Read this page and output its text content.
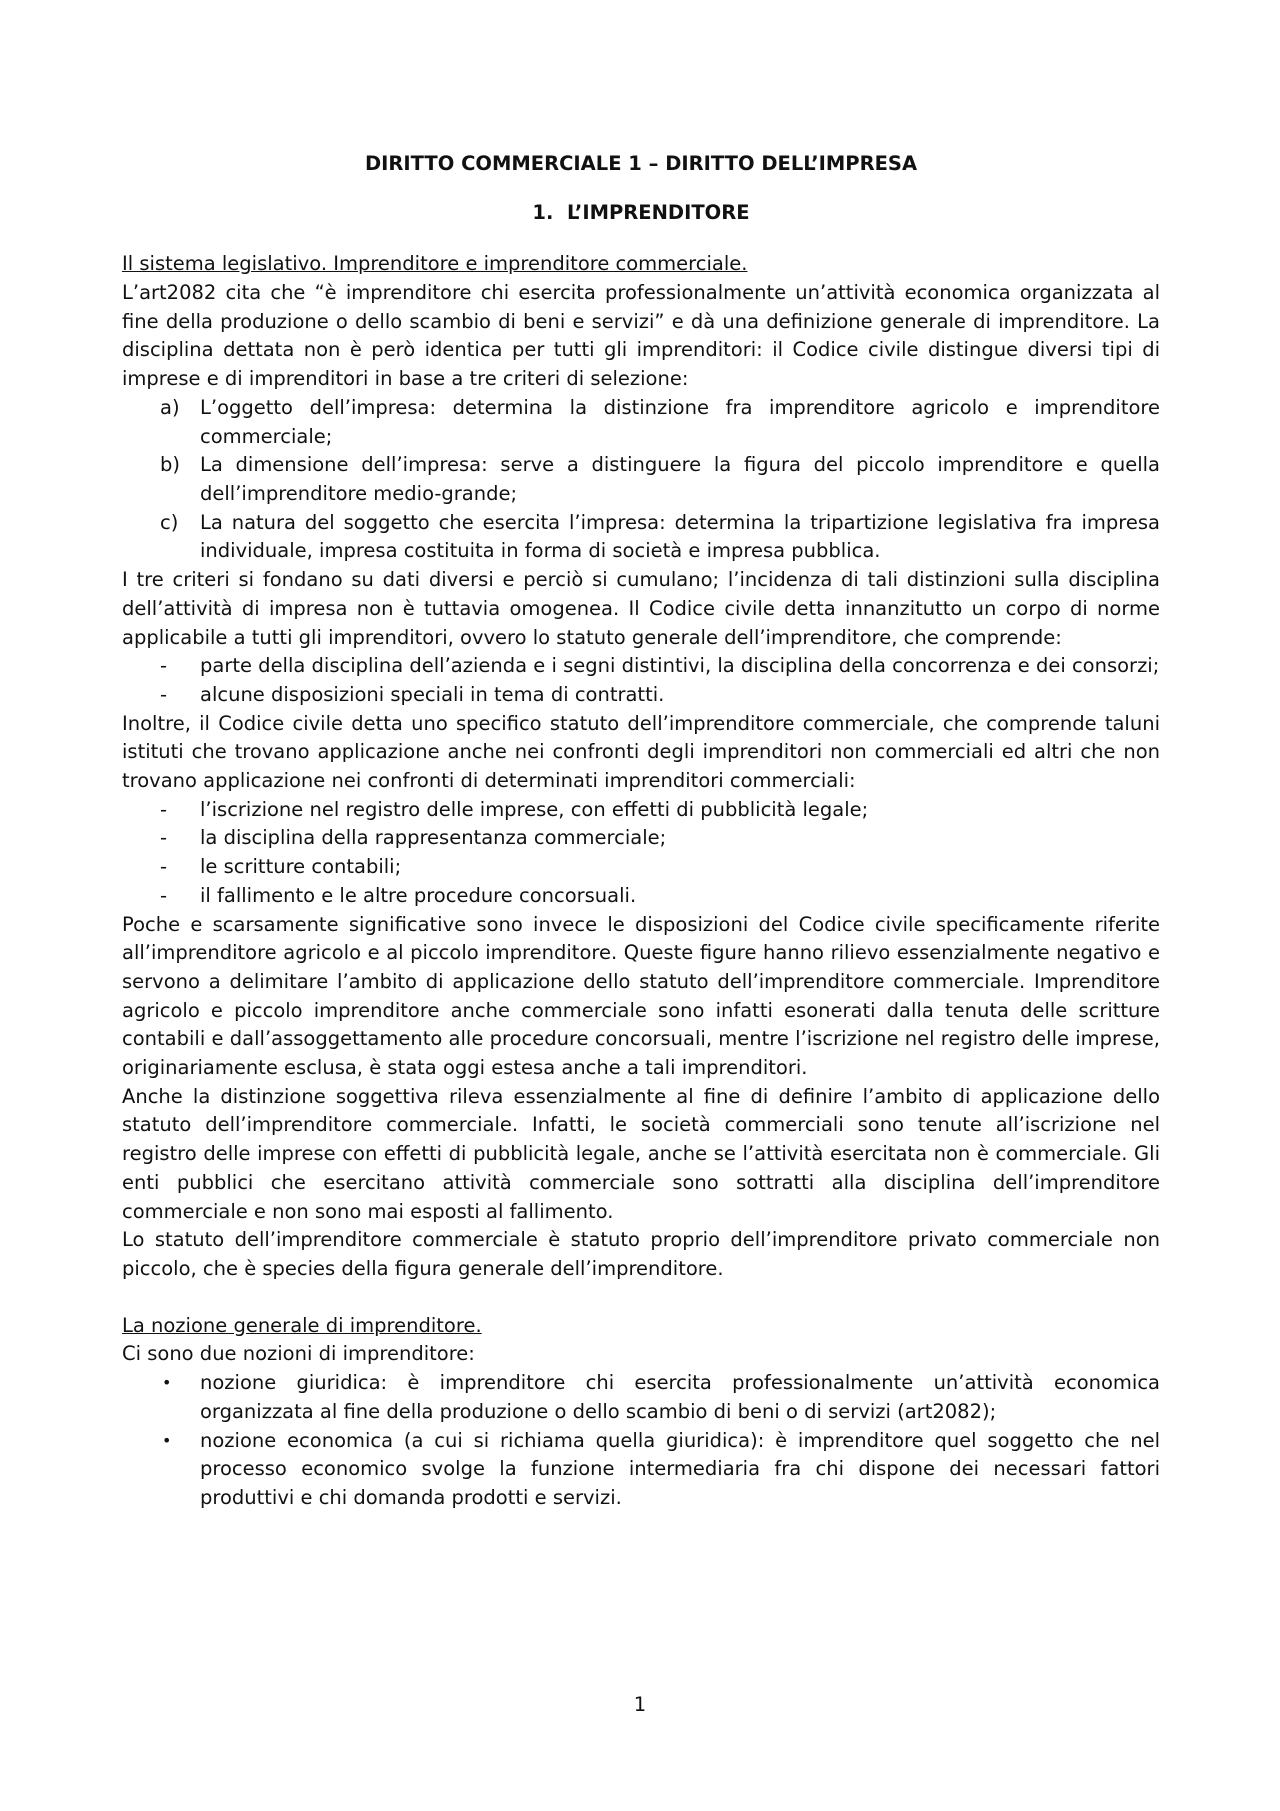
DIRITTO COMMERCIALE 1 – DIRITTO DELL’IMPRESA
1. L’IMPRENDITORE
Il sistema legislativo. Imprenditore e imprenditore commerciale.

L’art2082 cita che “è imprenditore chi esercita professionalmente un’attività economica organizzata al fine della produzione o dello scambio di beni e servizi” e dà una definizione generale di imprenditore. La disciplina dettata non è però identica per tutti gli imprenditori: il Codice civile distingue diversi tipi di imprese e di imprenditori in base a tre criteri di selezione:

a) L’oggetto dell’impresa: determina la distinzione fra imprenditore agricolo e imprenditore commerciale;
b) La dimensione dell’impresa: serve a distinguere la figura del piccolo imprenditore e quella dell’imprenditore medio-grande;
c) La natura del soggetto che esercita l’impresa: determina la tripartizione legislativa fra impresa individuale, impresa costituita in forma di società e impresa pubblica.

I tre criteri si fondano su dati diversi e perciò si cumulano; l’incidenza di tali distinzioni sulla disciplina dell’attività di impresa non è tuttavia omogenea. Il Codice civile detta innanzitutto un corpo di norme applicabile a tutti gli imprenditori, ovvero lo statuto generale dell’imprenditore, che comprende:

- parte della disciplina dell’azienda e i segni distintivi, la disciplina della concorrenza e dei consorzi;
- alcune disposizioni speciali in tema di contratti.

Inoltre, il Codice civile detta uno specifico statuto dell’imprenditore commerciale, che comprende taluni istituti che trovano applicazione anche nei confronti degli imprenditori non commerciali ed altri che non trovano applicazione nei confronti di determinati imprenditori commerciali:

- l’iscrizione nel registro delle imprese, con effetti di pubblicità legale;
- la disciplina della rappresentanza commerciale;
- le scritture contabili;
- il fallimento e le altre procedure concorsuali.

Poche e scarsamente significative sono invece le disposizioni del Codice civile specificamente riferite all’imprenditore agricolo e al piccolo imprenditore. Queste figure hanno rilievo essenzialmente negativo e servono a delimitare l’ambito di applicazione dello statuto dell’imprenditore commerciale. Imprenditore agricolo e piccolo imprenditore anche commerciale sono infatti esonerati dalla tenuta delle scritture contabili e dall’assoggettamento alle procedure concorsuali, mentre l’iscrizione nel registro delle imprese, originariamente esclusa, è stata oggi estesa anche a tali imprenditori.

Anche la distinzione soggettiva rileva essenzialmente al fine di definire l’ambito di applicazione dello statuto dell’imprenditore commerciale. Infatti, le società commerciali sono tenute all’iscrizione nel registro delle imprese con effetti di pubblicità legale, anche se l’attività esercitata non è commerciale. Gli enti pubblici che esercitano attività commerciale sono sottratti alla disciplina dell’imprenditore commerciale e non sono mai esposti al fallimento.

Lo statuto dell’imprenditore commerciale è statuto proprio dell’imprenditore privato commerciale non piccolo, che è species della figura generale dell’imprenditore.

La nozione generale di imprenditore.

Ci sono due nozioni di imprenditore:

• nozione giuridica: è imprenditore chi esercita professionalmente un’attività economica organizzata al fine della produzione o dello scambio di beni o di servizi (art2082);
• nozione economica (a cui si richiama quella giuridica): è imprenditore quel soggetto che nel processo economico svolge la funzione intermediaria fra chi dispone dei necessari fattori produttivi e chi domanda prodotti e servizi.
1
